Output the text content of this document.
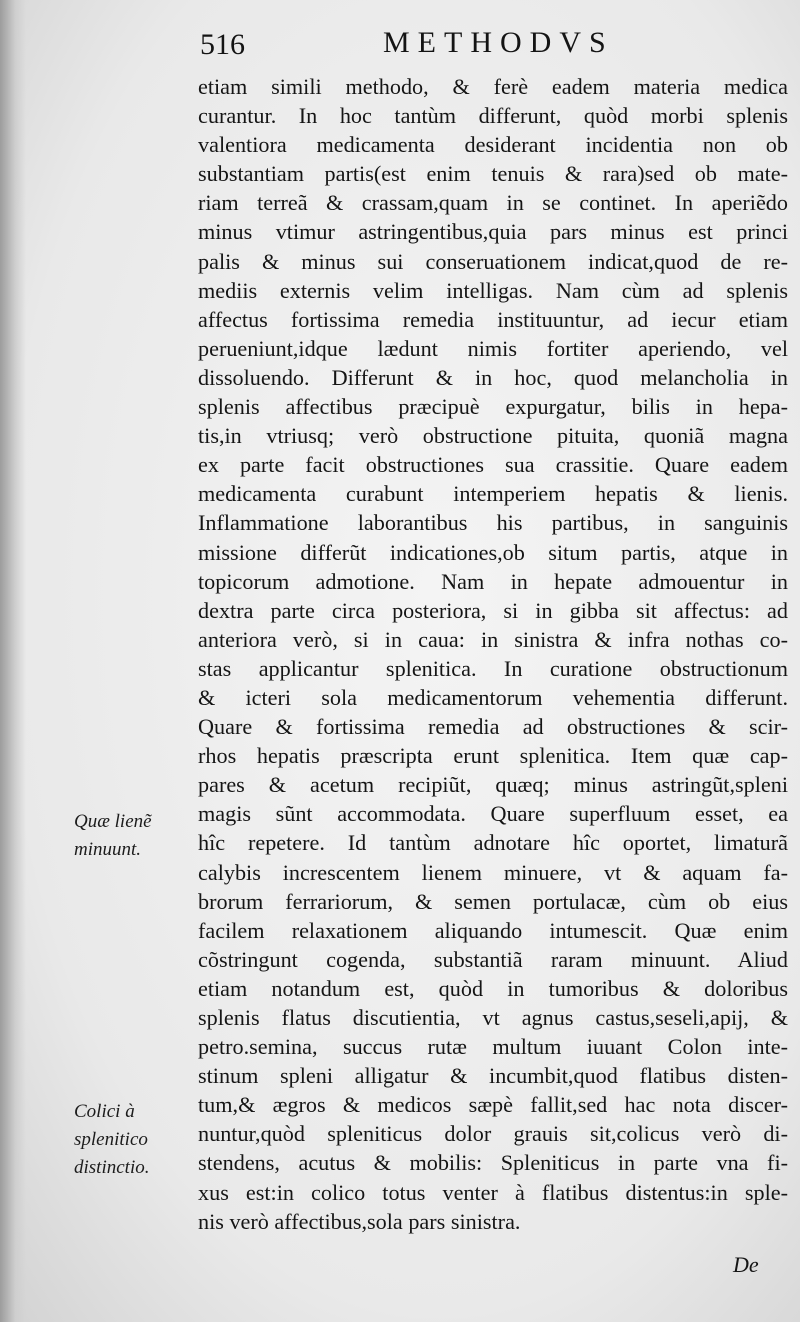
516	METHODVS
etiam simili methodo, & ferè eadem materia medica
curantur. In hoc tantùm differunt, quòd morbi splenis
valentiora medicamenta desiderant incidentia non ob
substantiam partis(est enim tenuis & rara)sed ob mate-
riam terreã & crassam,quam in se continet. In aperiẽdo
minus vtimur astringentibus,quia pars minus est princi
palis & minus sui conseruationem indicat,quod de re-
mediis externis velim intelligas. Nam cùm ad splenis
affectus fortissima remedia instituuntur, ad iecur etiam
perueniunt,idque lædunt nimis fortiter aperiendo, vel
dissoluendo. Differunt & in hoc, quod melancholia in
splenis affectibus præcipuè expurgatur, bilis in hepa-
tis,in vtriusq; verò obstructione pituita, quoniã magna
ex parte facit obstructiones sua crassitie. Quare eadem
medicamenta curabunt intemperiem hepatis & lienis.
Inflammatione laborantibus his partibus, in sanguinis
missione differũt indicationes,ob situm partis, atque in
topicorum admotione. Nam in hepate admouentur in
dextra parte circa posteriora, si in gibba sit affectus: ad
anteriora verò, si in caua: in sinistra & infra nothas co-
stas applicantur splenitica. In curatione obstructionum
& icteri sola medicamentorum vehementia differunt.
Quare & fortissima remedia ad obstructiones & scir-
rhos hepatis præscripta erunt splenitica. Item quæ cap-
pares & acetum recipiũt, quæq; minus astringũt,spleni
magis sũnt accommodata. Quare superfluum esset, ea
hîc repetere. Id tantùm adnotare hîc oportet, limaturã
calybis increscentem lienem minuere, vt & aquam fa-
brorum ferrariorum, & semen portulacæ, cùm ob eius
facilem relaxationem aliquando intumescit. Quæ enim
cõstringunt cogenda, substantiã raram minuunt. Aliud
etiam notandum est, quòd in tumoribus & doloribus
splenis flatus discutientia, vt agnus castus,seseli,apij, &
petro.semina, succus rutæ multum iuuant Colon inte-
stinum spleni alligatur & incumbit,quod flatibus disten-
tum,& ægros & medicos sæpè fallit,sed hac nota discer-
nuntur,quòd spleniticus dolor grauis sit,colicus verò di-
stendens, acutus & mobilis: Spleniticus in parte vna fi-
xus est:in colico totus venter à flatibus distentus:in sple-
nis verò affectibus,sola pars sinistra.
Quæ lienẽ
minuunt.
Colici à
splenitico
distinctio.
De
